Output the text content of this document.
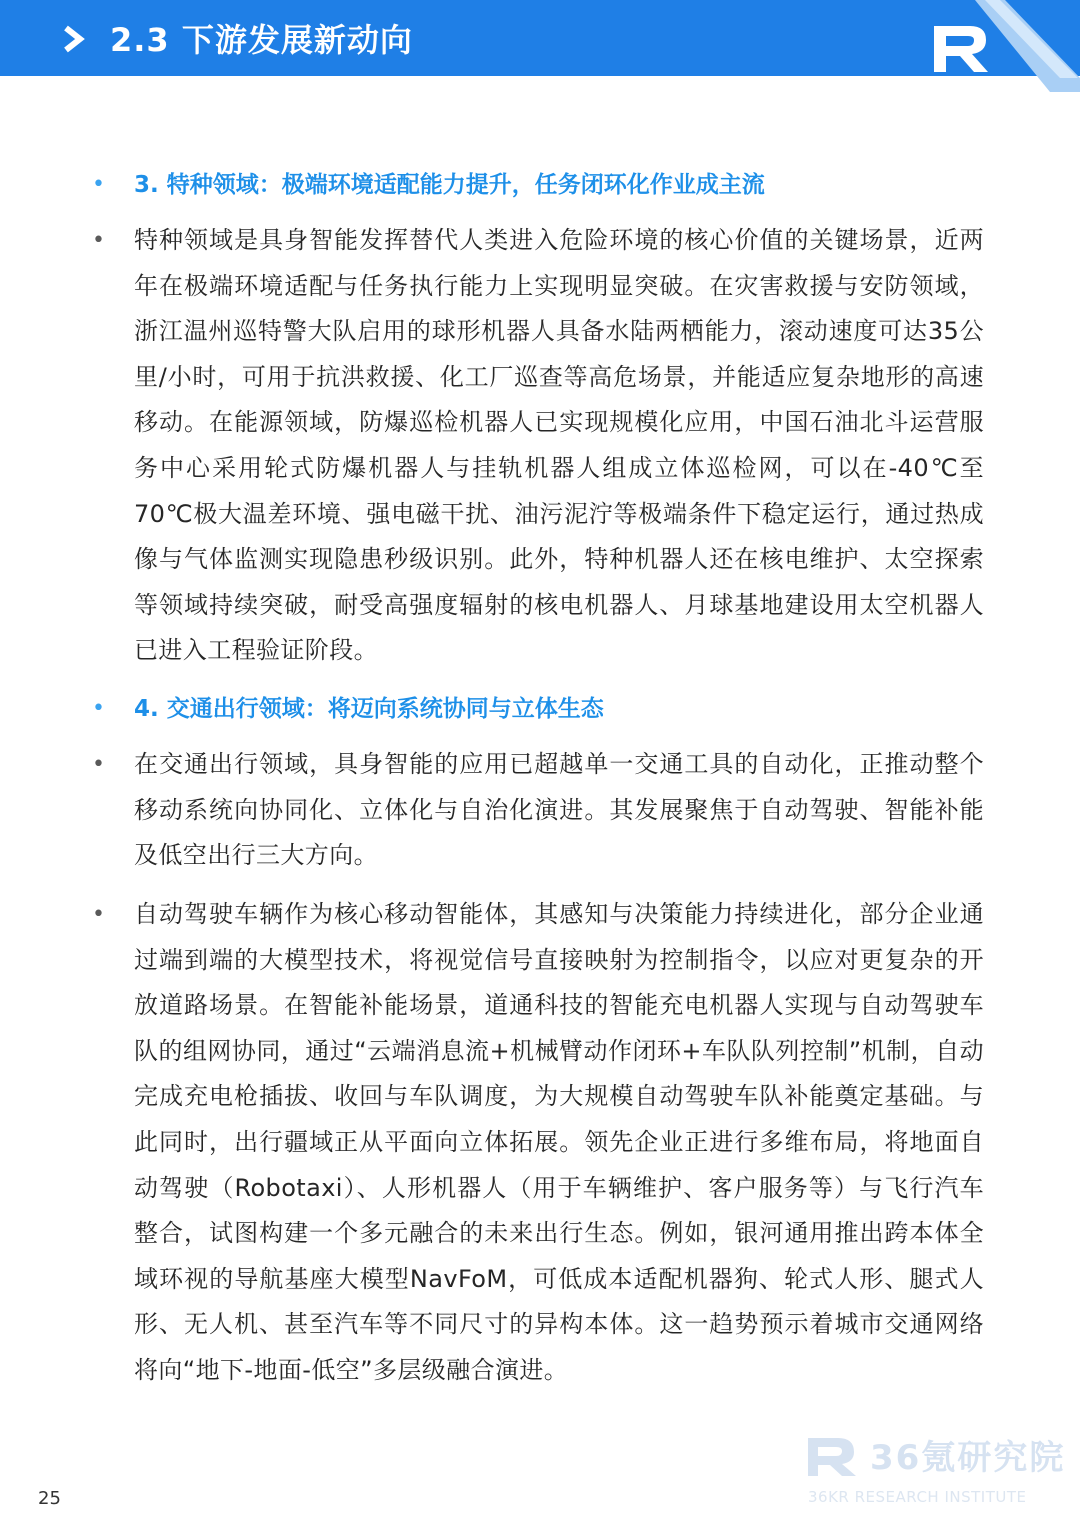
2.3 下游发展新动向
• 3. 特种领域：极端环境适配能力提升，任务闭环化作业成主流
• 特种领域是具身智能发挥替代人类进入危险环境的核心价值的关键场景，近两年在极端环境适配与任务执行能力上实现明显突破。在灾害救援与安防领域，浙江温州巡特警大队启用的球形机器人具备水陆两栖能力，滚动速度可达35公里/小时，可用于抗洪救援、化工厂巡查等高危场景，并能适应复杂地形的高速移动。在能源领域，防爆巡检机器人已实现规模化应用，中国石油北斗运营服务中心采用轮式防爆机器人与挂轨机器人组成立体巡检网，可以在-40℃至70℃极大温差环境、强电磁干扰、油污泥泞等极端条件下稳定运行，通过热成像与气体监测实现隐患秒级识别。此外，特种机器人还在核电维护、太空探索等领域持续突破，耐受高强度辐射的核电机器人、月球基地建设用太空机器人已进入工程验证阶段。
• 4. 交通出行领域：将迈向系统协同与立体生态
• 在交通出行领域，具身智能的应用已超越单一交通工具的自动化，正推动整个移动系统向协同化、立体化与自治化演进。其发展聚焦于自动驾驶、智能补能及低空出行三大方向。
• 自动驾驶车辆作为核心移动智能体，其感知与决策能力持续进化，部分企业通过端到端的大模型技术，将视觉信号直接映射为控制指令，以应对更复杂的开放道路场景。在智能补能场景，道通科技的智能充电机器人实现与自动驾驶车队的组网协同，通过“云端消息流+机械臂动作闭环+车队队列控制”机制，自动完成充电枪插拔、收回与车队调度，为大规模自动驾驶车队补能奠定基础。与此同时，出行疆域正从平面向立体拓展。领先企业正进行多维布局，将地面自动驾驶（Robotaxi）、人形机器人（用于车辆维护、客户服务等）与飞行汽车整合，试图构建一个多元融合的未来出行生态。例如，银河通用推出跨本体全域环视的导航基座大模型NavFoM，可低成本适配机器狗、轮式人形、腿式人形、无人机、甚至汽车等不同尺寸的异构本体。这一趋势预示着城市交通网络将向“地下-地面-低空”多层级融合演进。
36氪研究院
36KR RESEARCH INSTITUTE
25
